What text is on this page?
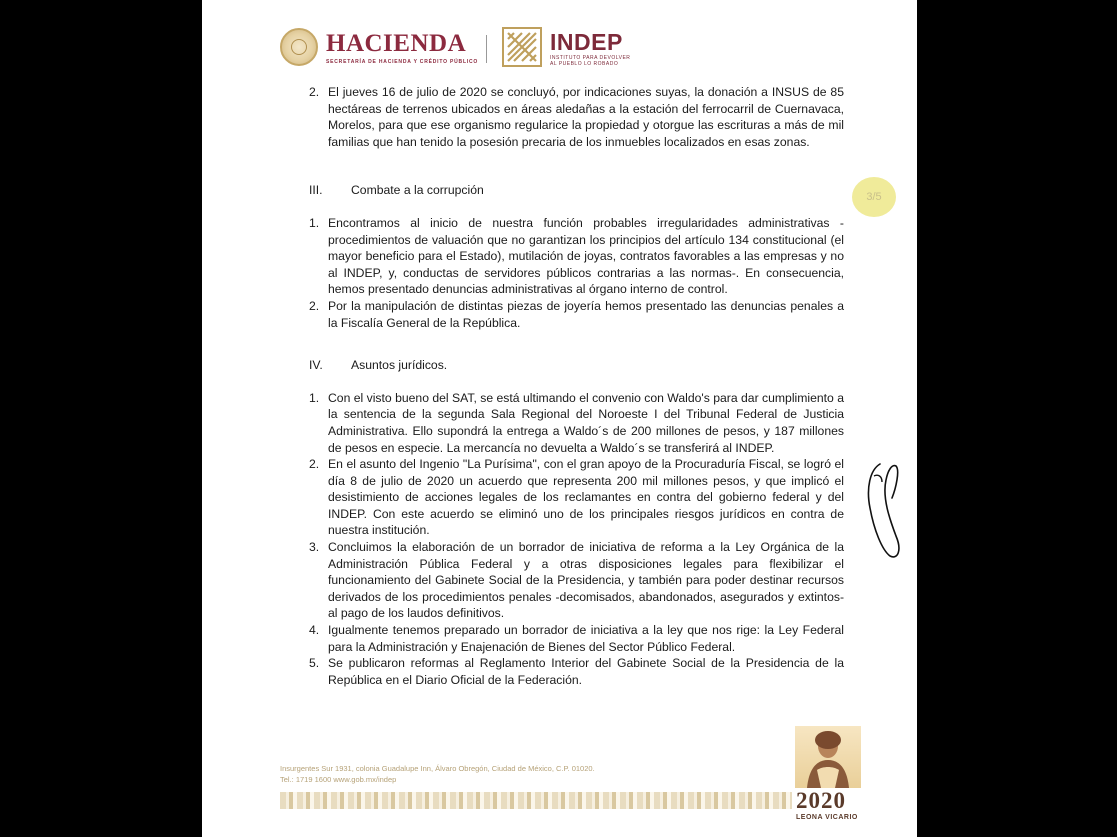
HACIENDA
SECRETARÍA DE HACIENDA Y CRÉDITO PÚBLICO
INDEP
INSTITUTO PARA DEVOLVER
AL PUEBLO LO ROBADO
3/5
2. El jueves 16 de julio de 2020 se concluyó, por indicaciones suyas, la donación a INSUS de 85 hectáreas de terrenos ubicados en áreas aledañas a la estación del ferrocarril de Cuernavaca, Morelos, para que ese organismo regularice la propiedad y otorgue las escrituras a más de mil familias que han tenido la posesión precaria de los inmuebles localizados en esas zonas.
III. Combate a la corrupción
1. Encontramos al inicio de nuestra función probables irregularidades administrativas -procedimientos de valuación que no garantizan los principios del artículo 134 constitucional (el mayor beneficio para el Estado), mutilación de joyas, contratos favorables a las empresas y no al INDEP, y, conductas de servidores públicos contrarias a las normas-. En consecuencia, hemos presentado denuncias administrativas al órgano interno de control.
2. Por la manipulación de distintas piezas de joyería hemos presentado las denuncias penales a la Fiscalía General de la República.
IV. Asuntos jurídicos.
1. Con el visto bueno del SAT, se está ultimando el convenio con Waldo's para dar cumplimiento a la sentencia de la segunda Sala Regional del Noroeste I del Tribunal Federal de Justicia Administrativa. Ello supondrá la entrega a Waldo´s de 200 millones de pesos, y 187 millones de pesos en especie. La mercancía no devuelta a Waldo´s se transferirá al INDEP.
2. En el asunto del Ingenio "La Purísima", con el gran apoyo de la Procuraduría Fiscal, se logró el día 8 de julio de 2020 un acuerdo que representa 200 mil millones pesos, y que implicó el desistimiento de acciones legales de los reclamantes en contra del gobierno federal y del INDEP. Con este acuerdo se eliminó uno de los principales riesgos jurídicos en contra de nuestra institución.
3. Concluimos la elaboración de un borrador de iniciativa de reforma a la Ley Orgánica de la Administración Pública Federal y a otras disposiciones legales para flexibilizar el funcionamiento del Gabinete Social de la Presidencia, y también para poder destinar recursos derivados de los procedimientos penales -decomisados, abandonados, asegurados y extintos- al pago de los laudos definitivos.
4. Igualmente tenemos preparado un borrador de iniciativa a la ley que nos rige: la Ley Federal para la Administración y Enajenación de Bienes del Sector Público Federal.
5. Se publicaron reformas al Reglamento Interior del Gabinete Social de la Presidencia de la República en el Diario Oficial de la Federación.
Insurgentes Sur 1931, colonia Guadalupe Inn, Álvaro Obregón, Ciudad de México, C.P. 01020.
Tel.: 1719 1600 www.gob.mx/indep
2020
LEONA VICARIO
